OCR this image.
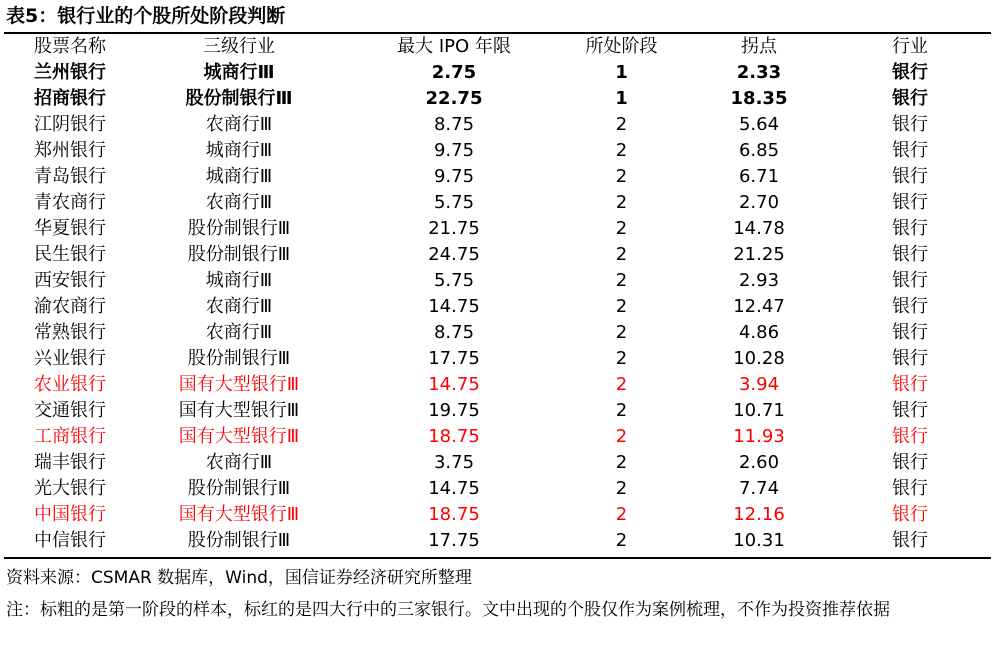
表5：银行业的个股所处阶段判断
股票名称	三级行业	最大 IPO 年限	所处阶段	拐点	行业
兰州银行	城商行Ⅲ	2.75	1	2.33	银行
招商银行	股份制银行Ⅲ	22.75	1	18.35	银行
江阴银行	农商行Ⅲ	8.75	2	5.64	银行
郑州银行	城商行Ⅲ	9.75	2	6.85	银行
青岛银行	城商行Ⅲ	9.75	2	6.71	银行
青农商行	农商行Ⅲ	5.75	2	2.70	银行
华夏银行	股份制银行Ⅲ	21.75	2	14.78	银行
民生银行	股份制银行Ⅲ	24.75	2	21.25	银行
西安银行	城商行Ⅲ	5.75	2	2.93	银行
渝农商行	农商行Ⅲ	14.75	2	12.47	银行
常熟银行	农商行Ⅲ	8.75	2	4.86	银行
兴业银行	股份制银行Ⅲ	17.75	2	10.28	银行
农业银行	国有大型银行Ⅲ	14.75	2	3.94	银行
交通银行	国有大型银行Ⅲ	19.75	2	10.71	银行
工商银行	国有大型银行Ⅲ	18.75	2	11.93	银行
瑞丰银行	农商行Ⅲ	3.75	2	2.60	银行
光大银行	股份制银行Ⅲ	14.75	2	7.74	银行
中国银行	国有大型银行Ⅲ	18.75	2	12.16	银行
中信银行	股份制银行Ⅲ	17.75	2	10.31	银行
资料来源：CSMAR 数据库，Wind，国信证券经济研究所整理
注：标粗的是第一阶段的样本，标红的是四大行中的三家银行。文中出现的个股仅作为案例梳理，不作为投资推荐依据
